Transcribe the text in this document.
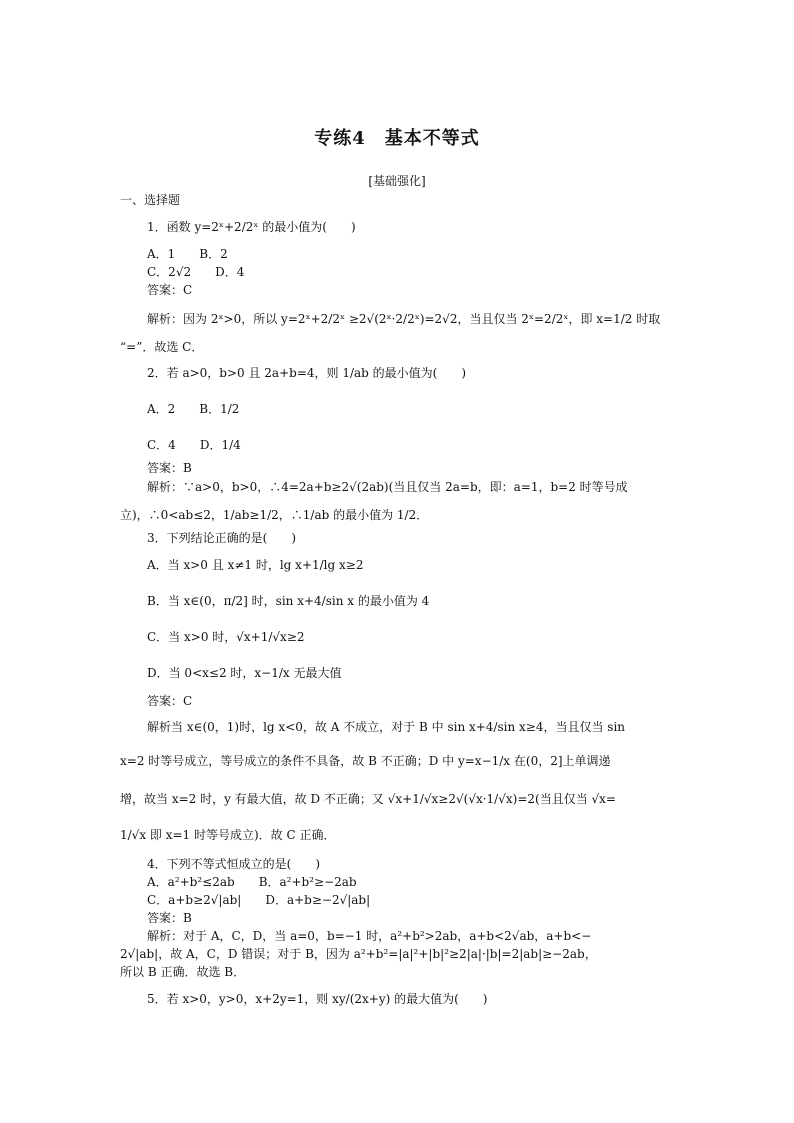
专练4　基本不等式
[基础强化]
一、选择题
1．函数 y=2ˣ+2/2ˣ 的最小值为(　　)
A．1　　B．2
C．2√2　　D．4
答案：C
解析：因为 2ˣ>0，所以 y=2ˣ+2/2ˣ ≥2√(2ˣ·2/2ˣ)=2√2，当且仅当 2ˣ=2/2ˣ，即 x=1/2 时取
“=”．故选 C．
2．若 a>0，b>0 且 2a+b=4，则 1/ab 的最小值为(　　)
A．2　　B．1/2
C．4　　D．1/4
答案：B
解析：∵a>0，b>0，∴4=2a+b≥2√(2ab)(当且仅当 2a=b，即：a=1，b=2 时等号成
立)，∴0<ab≤2，1/ab≥1/2，∴1/ab 的最小值为 1/2．
3．下列结论正确的是(　　)
A．当 x>0 且 x≠1 时，lg x+1/lg x≥2
B．当 x∈(0，π/2] 时，sin x+4/sin x 的最小值为 4
C．当 x>0 时，√x+1/√x≥2
D．当 0<x≤2 时，x−1/x 无最大值
答案：C
解析当 x∈(0，1)时，lg x<0，故 A 不成立，对于 B 中 sin x+4/sin x≥4，当且仅当 sin
x=2 时等号成立，等号成立的条件不具备，故 B 不正确；D 中 y=x−1/x 在(0，2]上单调递
增，故当 x=2 时，y 有最大值，故 D 不正确；又 √x+1/√x≥2√(√x·1/√x)=2(当且仅当 √x=
1/√x 即 x=1 时等号成立)．故 C 正确．
4．下列不等式恒成立的是(　　)
A．a²+b²≤2ab　　B．a²+b²≥−2ab
C．a+b≥2√|ab|　　D．a+b≥−2√|ab|
答案：B
解析：对于 A，C，D，当 a=0，b=−1 时，a²+b²>2ab，a+b<2√ab，a+b<−
2√|ab|，故 A，C，D 错误；对于 B，因为 a²+b²=|a|²+|b|²≥2|a|·|b|=2|ab|≥−2ab，
所以 B 正确．故选 B．
5．若 x>0，y>0，x+2y=1，则 xy/(2x+y) 的最大值为(　　)
